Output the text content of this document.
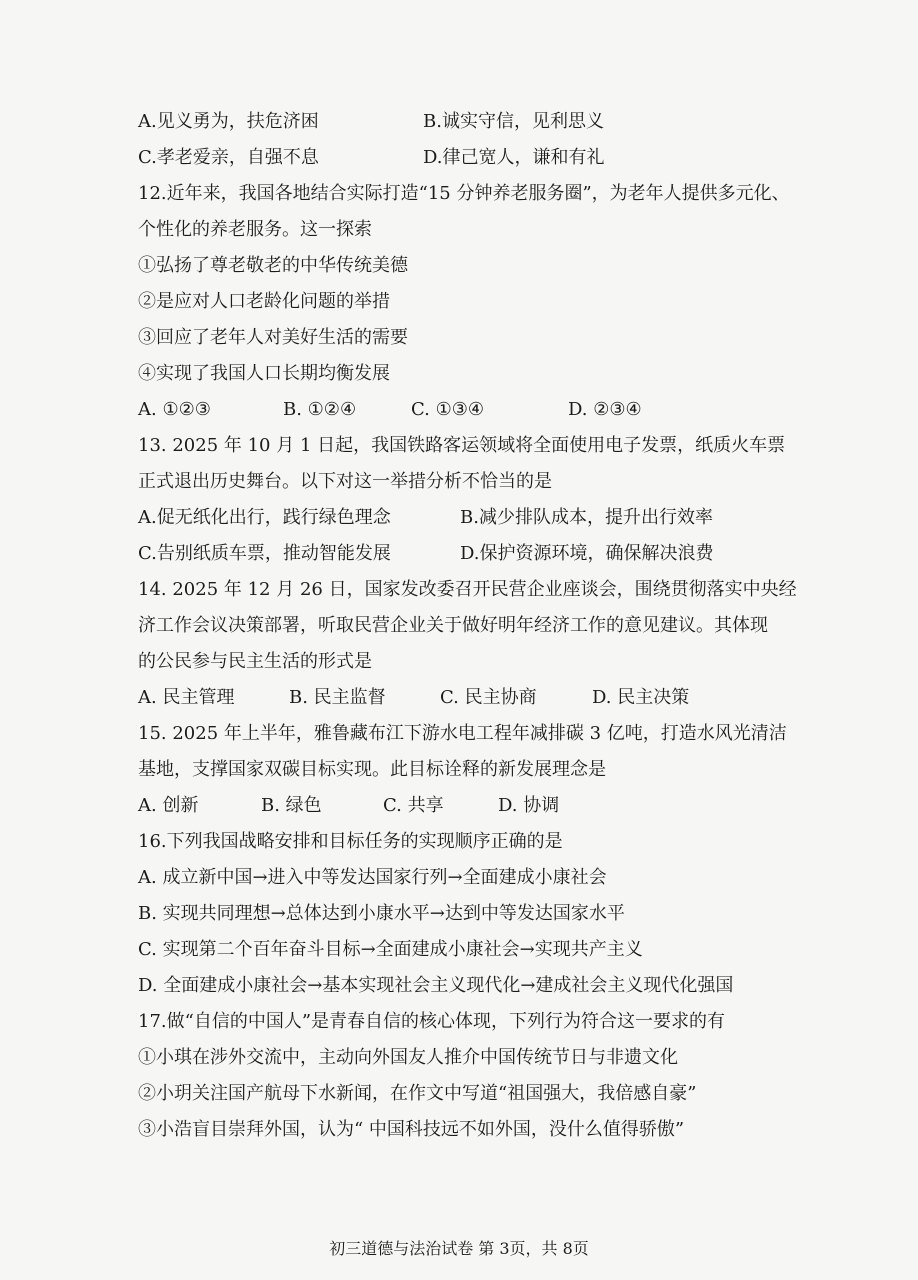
A.见义勇为，扶危济困	B.诚实守信，见利思义
C.孝老爱亲，自强不息	D.律己宽人，谦和有礼
12.近年来，我国各地结合实际打造“15 分钟养老服务圈”，为老年人提供多元化、
个性化的养老服务。这一探索
①弘扬了尊老敬老的中华传统美德
②是应对人口老龄化问题的举措
③回应了老年人对美好生活的需要
④实现了我国人口长期均衡发展
A. ①②③	B. ①②④	C. ①③④	D. ②③④
13. 2025 年 10 月 1 日起，我国铁路客运领域将全面使用电子发票，纸质火车票
正式退出历史舞台。以下对这一举措分析不恰当的是
A.促无纸化出行，践行绿色理念	B.减少排队成本，提升出行效率
C.告别纸质车票，推动智能发展	D.保护资源环境，确保解决浪费
14. 2025 年 12 月 26 日，国家发改委召开民营企业座谈会，围绕贯彻落实中央经
济工作会议决策部署，听取民营企业关于做好明年经济工作的意见建议。其体现
的公民参与民主生活的形式是
A. 民主管理	B. 民主监督	C. 民主协商	D. 民主决策
15. 2025 年上半年，雅鲁藏布江下游水电工程年减排碳 3 亿吨，打造水风光清洁
基地，支撑国家双碳目标实现。此目标诠释的新发展理念是
A. 创新	B. 绿色	C. 共享	D. 协调
16.下列我国战略安排和目标任务的实现顺序正确的是
A. 成立新中国→进入中等发达国家行列→全面建成小康社会
B. 实现共同理想→总体达到小康水平→达到中等发达国家水平
C. 实现第二个百年奋斗目标→全面建成小康社会→实现共产主义
D. 全面建成小康社会→基本实现社会主义现代化→建成社会主义现代化强国
17.做“自信的中国人”是青春自信的核心体现，下列行为符合这一要求的有
①小琪在涉外交流中，主动向外国友人推介中国传统节日与非遗文化
②小玥关注国产航母下水新闻，在作文中写道“祖国强大，我倍感自豪”
③小浩盲目崇拜外国，认为“ 中国科技远不如外国，没什么值得骄傲”
初三道德与法治试卷 第 3页，共 8页
